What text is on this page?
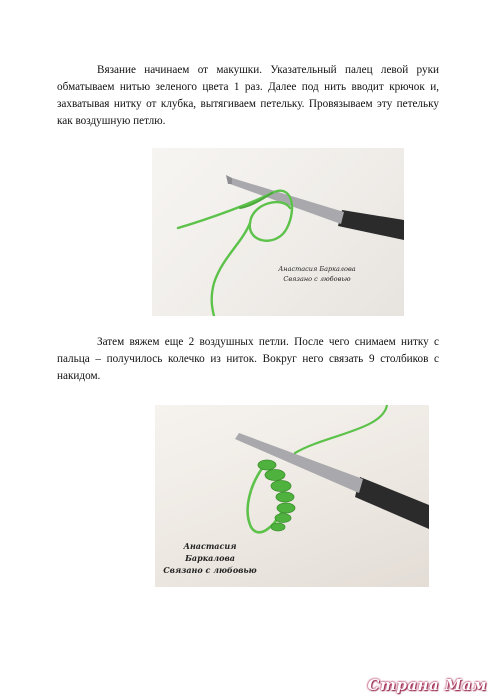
Вязание начинаем от макушки. Указательный палец левой руки обматываем нитью зеленого цвета 1 раз. Далее под нить вводит крючок и, захватывая нитку от клубка, вытягиваем петельку. Провязываем эту петельку как воздушную петлю.

Анастасия Баркалова
Связано с любовью

Затем вяжем еще 2 воздушных петли. После чего снимаем нитку с пальца – получилось колечко из ниток. Вокруг него связать 9 столбиков с накидом.

Анастасия Баркалова
Связано с любовью
Страна Мам
